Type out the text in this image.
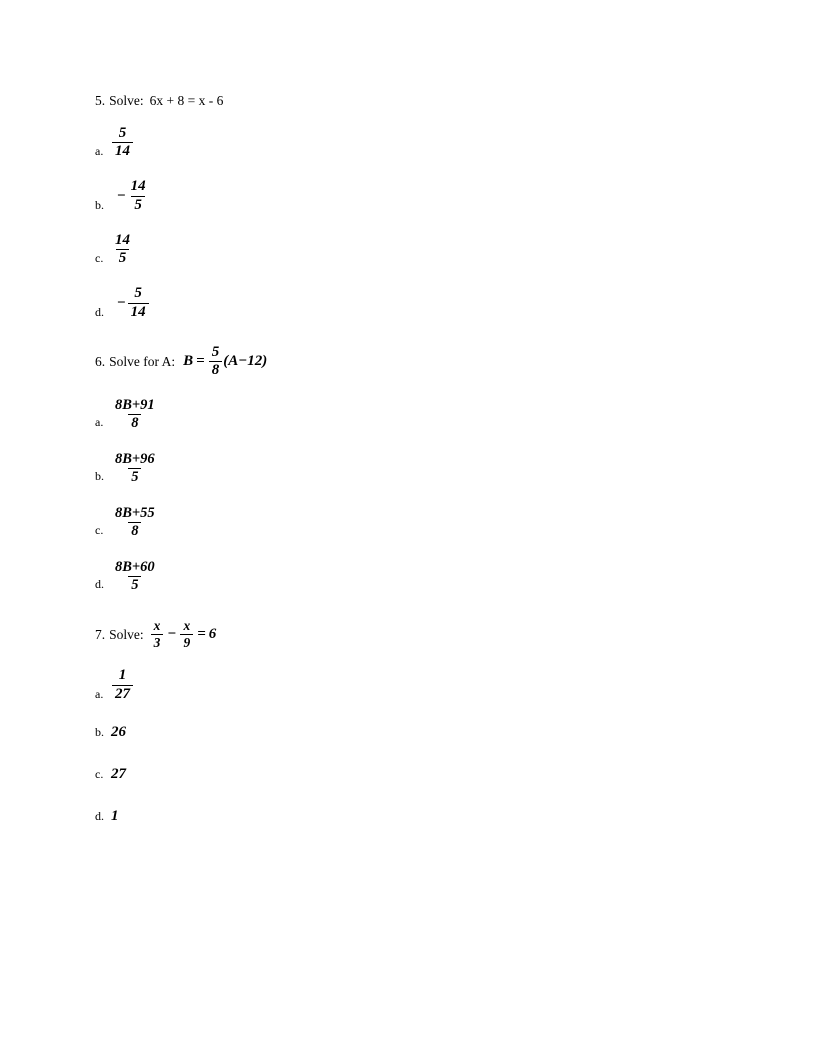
5. Solve: 6x + 8 = x - 6
a. $\frac{5}{14}$
b.
− $\frac{14}{5}$
c. $\frac{14}{5}$
d.
− $\frac{5}{14}$
6. Solve for A: $B = \frac{5}{8} (A-12)$
a. $\frac{8B+91}{8}$
b. $\frac{8B+96}{5}$
c. $\frac{8B+55}{8}$
d. $\frac{8B+60}{5}$
7. Solve: $\frac{x}{3} - \frac{x}{9} = 6$
a. $\frac{1}{27}$
b. 26
c. 27
d. 1
